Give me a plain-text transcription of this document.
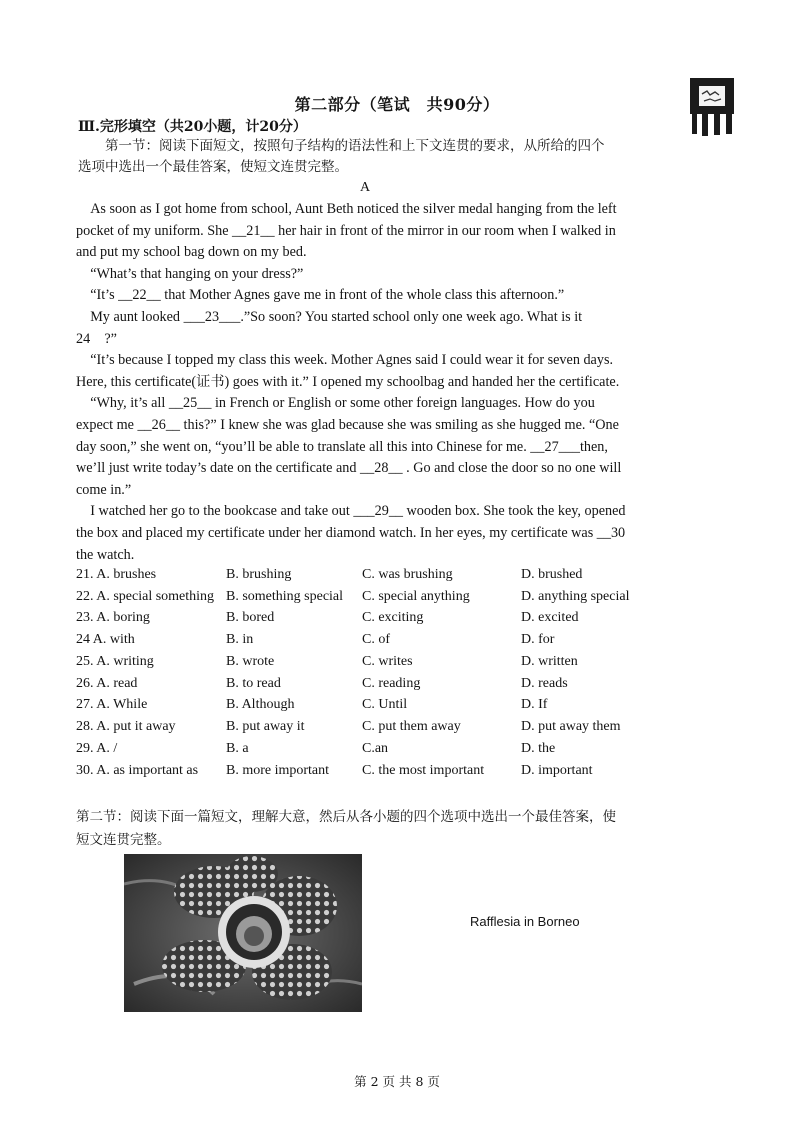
第二部分（笔试　共90分）
Ⅲ.完形填空（共20小题，计20分）
　　第一节：阅读下面短文，按照句子结构的语法性和上下文连贯的要求，从所给的四个
选项中选出一个最佳答案，使短文连贯完整。
A
　As soon as I got home from school, Aunt Beth noticed the silver medal hanging from the left
pocket of my uniform. She __21__ her hair in front of the mirror in our room when I walked in
and put my school bag down on my bed.
　“What’s that hanging on your dress?”
　“It’s __22__ that Mother Agnes gave me in front of the whole class this afternoon.”
　My aunt looked ___23___.”So soon? You started school only one week ago. What is it
24    ?”
　“It’s because I topped my class this week. Mother Agnes said I could wear it for seven days.
Here, this certificate(证书) goes with it.” I opened my schoolbag and handed her the certificate.
　“Why, it’s all __25__ in French or English or some other foreign languages. How do you
expect me __26__ this?” I knew she was glad because she was smiling as she hugged me. “One
day soon,” she went on, “you’ll be able to translate all this into Chinese for me. __27___then,
we’ll just write today’s date on the certificate and __28__ . Go and close the door so no one will
come in.”
　I watched her go to the bookcase and take out ___29__ wooden box. She took the key, opened
the box and placed my certificate under her diamond watch. In her eyes, my certificate was __30
the watch.
21. A. brushes	B. brushing	C. was brushing	D. brushed
22. A. special something B. something special C. special anything	D. anything special
23. A. boring	B. bored	C. exciting	D. excited
24 A. with	B. in	C. of	D. for
25. A. writing	B. wrote	C. writes	D. written
26. A. read	B. to read	C. reading	D. reads
27. A. While	B. Although	C. Until	D. If
28. A. put it away	B. put away it	C. put them away	D. put away them
29. A. /	B. a	C.an	D. the
30. A. as important as B. more important C. the most important	D. important
第二节：阅读下面一篇短文，理解大意，然后从各小题的四个选项中选出一个最佳答案，使
短文连贯完整。
Rafflesia in Borneo
第 2 页 共 8 页
